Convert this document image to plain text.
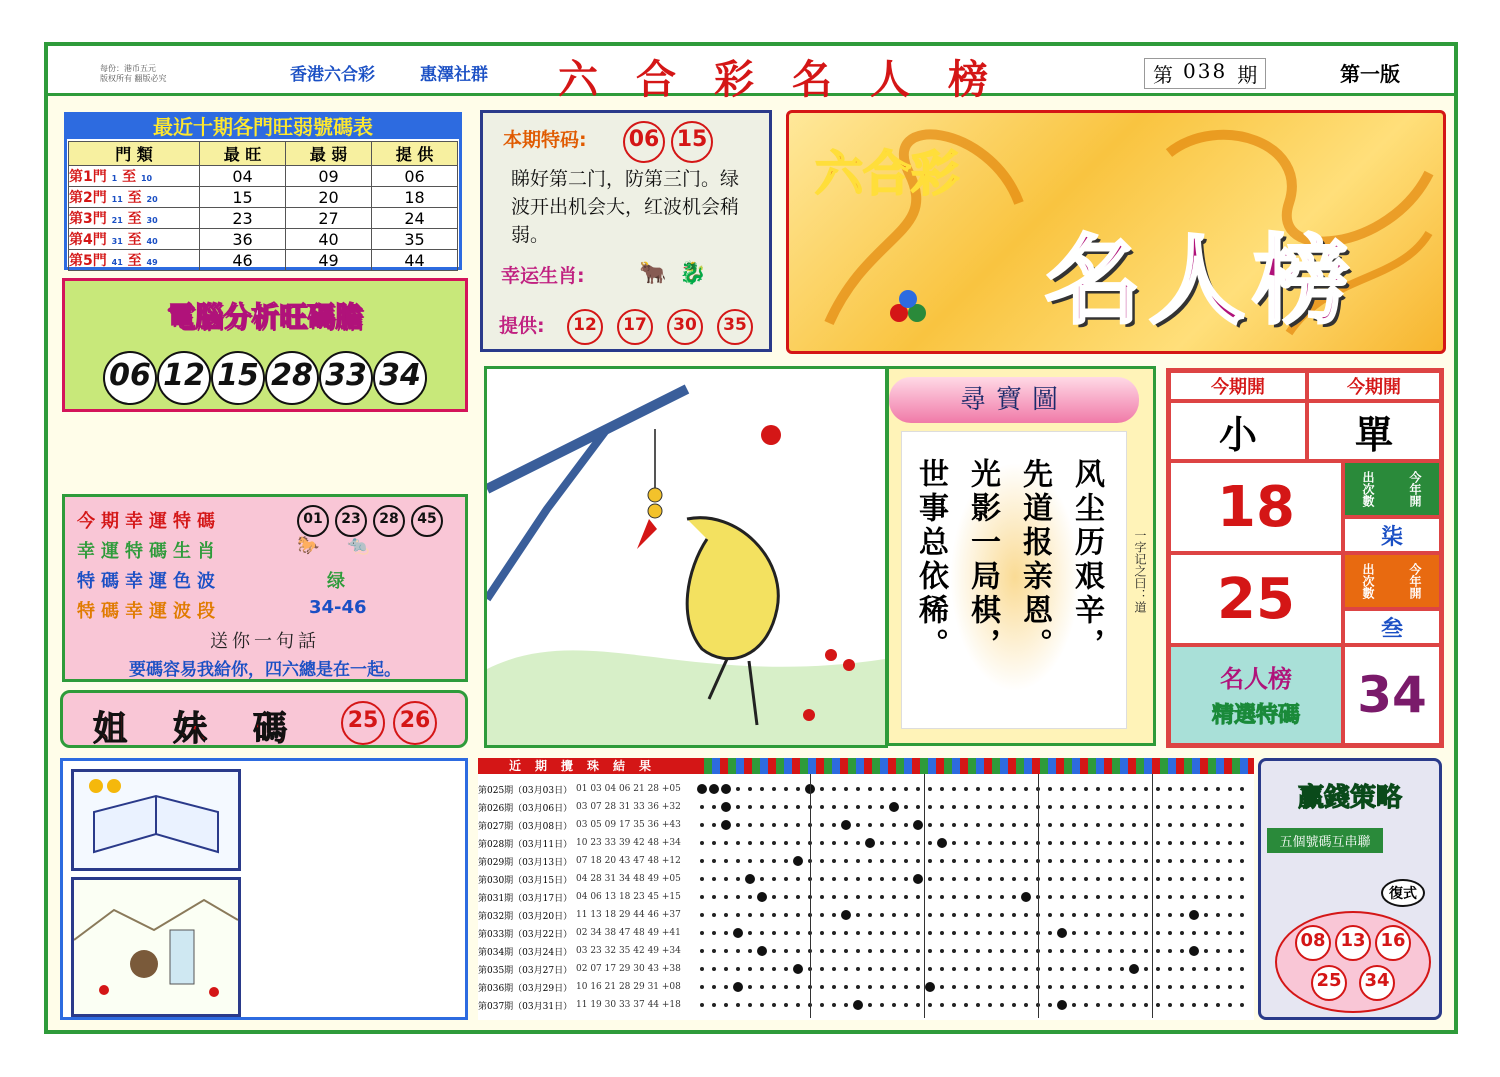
每份：港币五元
版权所有 翻版必究	香港六合彩	惠澤社群 六合彩名人榜	第 038 期	第一版
最近十期各門旺弱號碼表
門 類	最 旺	最 弱	提 供
第1門 1 至 10	04	09	06
第2門 11 至 20	15	20	18
第3門 21 至 30	23	27	24
第4門 31 至 40	36	40	35
第5門 41 至 49	46	49	44
電腦分析旺碼膽
06 12 15 28 33 34
本期特码: 06 15
睇好第二门，防第三门。绿波开出机会大，红波机会稍弱。
幸运生肖: 🐂 🐉
提供:	12	17	30	35
六合彩
名人榜
今期幸運特碼	01	23	28	45
幸運特碼生肖	🐎 🐀
特碼幸運色波	绿
特碼幸運波段	34-46
送你一句話
要碼容易我給你，四六總是在一起。
姐妹碼 25 26
尋寶圖
风尘历艰辛，
先道报亲恩。
光影一局棋，
世事总依稀。	一字记之曰：道
今期開	今期開
小	單
18	出次數	今年開
柒
25	出次數	今年開
叁
名人榜
精選特碼	34
近期攪珠結果
第025期（03月03日） 01 03 04 06 21 28 +05
第026期（03月06日） 03 07 28 31 33 36 +32
第027期（03月08日） 03 05 09 17 35 36 +43
第028期（03月11日） 10 23 33 39 42 48 +34
第029期（03月13日） 07 18 20 43 47 48 +12
第030期（03月15日） 04 28 31 34 48 49 +05
第031期（03月17日） 04 06 13 18 23 45 +15
第032期（03月20日） 11 13 18 29 44 46 +37
第033期（03月22日） 02 34 38 47 48 49 +41
第034期（03月24日） 03 23 32 35 42 49 +34
第035期（03月27日） 02 07 17 29 30 43 +38
第036期（03月29日） 10 16 21 28 29 31 +08
第037期（03月31日） 11 19 30 33 37 44 +18
贏錢策略
五個號碼互串聯
復式
08 13 16
25	34
